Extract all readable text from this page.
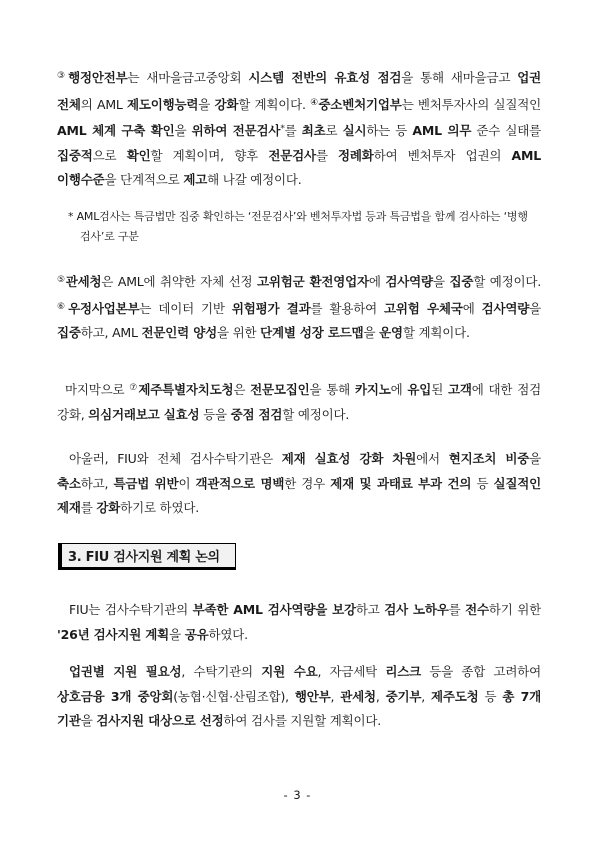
③행정안전부는 새마을금고중앙회 시스템 전반의 유효성 점검을 통해 새마을금고 업권 전체의 AML 제도이행능력을 강화할 계획이다. ④중소벤처기업부는 벤처투자사의 실질적인 AML 체계 구축 확인을 위하여 전문검사*를 최초로 실시하는 등 AML 의무 준수 실태를 집중적으로 확인할 계획이며, 향후 전문검사를 정례화하여 벤처투자 업권의 AML 이행수준을 단계적으로 제고해 나갈 예정이다.

* AML검사는 특금법만 집중 확인하는 ‘전문검사’와 벤처투자법 등과 특금법을 함께 검사하는 ‘병행검사’로 구분

⑤관세청은 AML에 취약한 자체 선정 고위험군 환전영업자에 검사역량을 집중할 예정이다. ⑥우정사업본부는 데이터 기반 위험평가 결과를 활용하여 고위험 우체국에 검사역량을 집중하고, AML 전문인력 양성을 위한 단계별 성장 로드맵을 운영할 계획이다.

마지막으로 ⑦제주특별자치도청은 전문모집인을 통해 카지노에 유입된 고객에 대한 점검 강화, 의심거래보고 실효성 등을 중점 점검할 예정이다.

아울러, FIU와 전체 검사수탁기관은 제재 실효성 강화 차원에서 현지조치 비중을 축소하고, 특금법 위반이 객관적으로 명백한 경우 제재 및 과태료 부과 건의 등 실질적인 제재를 강화하기로 하였다.

3. FIU 검사지원 계획 논의

FIU는 검사수탁기관의 부족한 AML 검사역량을 보강하고 검사 노하우를 전수하기 위한 '26년 검사지원 계획을 공유하였다.

업권별 지원 필요성, 수탁기관의 지원 수요, 자금세탁 리스크 등을 종합 고려하여 상호금융 3개 중앙회(농협·신협·산림조합), 행안부, 관세청, 중기부, 제주도청 등 총 7개 기관을 검사지원 대상으로 선정하여 검사를 지원할 계획이다.

- 3 -
